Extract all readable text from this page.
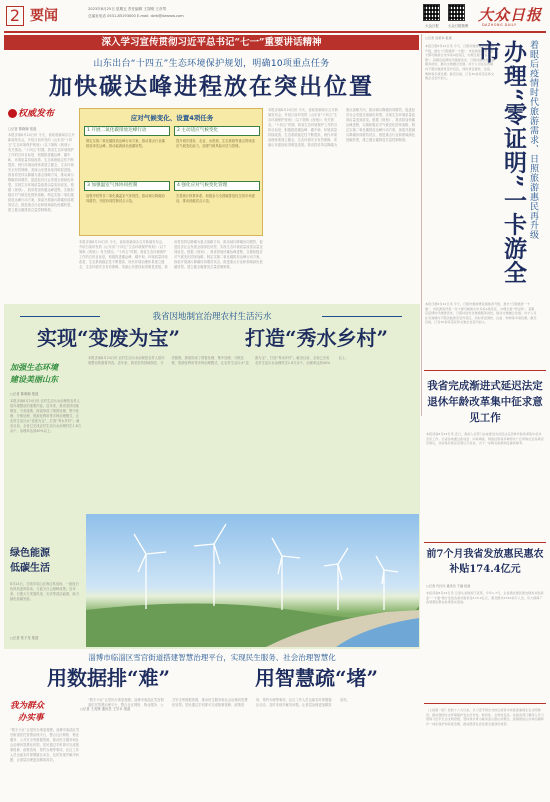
2 要闻	2023年8月25日 星期五 责任编辑 王智刚 王彦男
总编室电话 0531-85193000 E-mail: dzrb@dzwww.com
大众日报	大众日报微博
大众日报
DAZHONG DAILY
深入学习宣传贯彻习近平总书记“七一”重要讲话精神
山东出台“十四五”生态环境保护规划，明确10项重点任务
加快碳达峰进程放在突出位置
权威发布
□记者 陈晓婉 报道
本报济南8月24日讯 今天，省政府新闻办召开新闻发布会，介绍日前印发的《山东省“十四五”生态环境保护规划》（以下简称《规划》）有关情况。“十四五”时期，我省生态环境保护工作的总体目标是，积极推进碳达峰、碳中和，环境质量持续改善，生态系统稳定性不断提高，现代环境治理体系建立健全，生态环境安全有效保障，美丽山东建设取得明显进展。我省将坚持以降碳为重点战略方向，推动减污降碳协同增效，促进经济社会发展全面绿色转型，实现生态环境质量改善由量变到质变。根据《规划》，我省将加快碳达峰进程，实施积极应对气候变化国家战略，制定实施二氧化碳排放达峰行动方案，探索开展减污降碳协同增效试点，推进重点行业和领域绿色低碳转型，建立健全碳排放总量控制制度。
应对气候变化、设置4项任务
1 开展二氧化碳排放达峰行动
制定实施二氧化碳排放达峰行动方案，推动重点行业碳排放率先达峰，推动能源绿色低碳转型。
2 主动适应气候变化
提升城乡建设、农业、水资源、生态系统等重点领域适应气候变化能力，加强气候风险评估与管理。
3 加强温室气体协同控制
加强甲烷等非二氧化碳温室气体管控，推动减污降碳协同增效，开展协同控制试点示范。
4 强化应对气候变化管理
完善统计核算体系，积极参与全国碳排放权交易市场建设，推动低碳试点示范。
本报济南8月24日讯 今天，省政府新闻办召开新闻发布会，介绍日前印发的《山东省“十四五”生态环境保护规划》（以下简称《规划》）有关情况。“十四五”时期，我省生态环境保护工作的总体目标是，积极推进碳达峰、碳中和，环境质量持续改善，生态系统稳定性不断提高，现代环境治理体系建立健全，生态环境安全有效保障，美丽山东建设取得明显进展。我省将坚持以降碳为重点战略方向，推动减污降碳协同增效，促进经济社会发展全面绿色转型，实现生态环境质量改善由量变到质变。根据《规划》，我省将加快碳达峰进程，实施积极应对气候变化国家战略，制定实施二氧化碳排放达峰行动方案，探索开展减污降碳协同增效试点，推进重点行业和领域绿色低碳转型，建立健全碳排放总量控制制度。
本报济南8月24日讯 今天，省政府新闻办召开新闻发布会，介绍日前印发的《山东省“十四五”生态环境保护规划》（以下简称《规划》）有关情况。“十四五”时期，我省生态环境保护工作的总体目标是，积极推进碳达峰、碳中和，环境质量持续改善，生态系统稳定性不断提高，现代环境治理体系建立健全，生态环境安全有效保障，美丽山东建设取得明显进展。我省将坚持以降碳为重点战略方向，推动减污降碳协同增效，促进经济社会发展全面绿色转型，实现生态环境质量改善由量变到质变。根据《规划》，我省将加快碳达峰进程，实施积极应对气候变化国家战略，制定实施二氧化碳排放达峰行动方案，探索开展减污降碳协同增效试点，推进重点行业和领域绿色低碳转型，建立健全碳排放总量控制制度。
□记者 吴荣华 报道
本报日照8月24日讯 今天，日照市旅游惠民措施再升级，推出“日照旅游一卡通”，市民游客凭借一张卡即可畅游全市多家A级景区，办理全程“零证明”。着眼后疫情时代旅游需求，日照持续优化旅游服务供给，推动文旅融合发展。持卡人可在有效期内不限次数游览签约景区，同时享受餐饮、住宿、购物等多项优惠。截至目前，已有30余家景区和文旅企业签约加入。
本报日照8月24日讯 今天，日照市旅游惠民措施再升级，推出“日照旅游一卡通”，市民游客凭借一张卡即可畅游全市多家A级景区，办理全程“零证明”。着眼后疫情时代旅游需求，日照持续优化旅游服务供给，推动文旅融合发展。持卡人可在有效期内不限次数游览签约景区，同时享受餐饮、住宿、购物等多项优惠。截至目前，已有30余家景区和文旅企业签约加入。
着眼后疫情时代旅游需求、日照旅游惠民再升级
办理“零证明”一卡游全市
我省完成渐进式延迟法定退休年龄改革集中征求意见工作
本报济南8月24日讯 近日，我省人社部门完成渐进式延迟法定退休年龄改革集中征求意见工作。全省各地通过座谈会、问卷调查、网络征集等多种形式广泛听取社会各界意见建议，共收集有效意见建议万余条，为下一步相关政策制定提供参考。
前7个月我省发放惠民惠农补贴174.4亿元
□记者 代玲玲 通讯员 于越 报道
本报济南8月24日讯 记者从省财政厅获悉，今年1-7月，全省通过惠民惠农财政补贴资金“一卡通”累计发放各类补贴资金174.4亿元，惠及群众2700余万人次，有力保障了各项惠民惠农政策落实落地。
我省因地制宜治理农村生活污水
实现“变废为宝”	打造“秀水乡村”
加强生态环境
建设美丽山东
□记者 陈晓婉 报道
本报济南8月24日讯 农村生活污水治理是农村人居环境整治的重要内容。近年来，我省坚持因地制宜、分类施策，探索形成了纳管处理、集中处理、分散处理、资源化利用等多种治理模式，让农村生活污水“变废为宝”，打造“秀水乡村”。截至目前，全省已完成农村生活污水治理村庄1.8万余个，治理率达到40%以上。
本报济南8月24日讯 农村生活污水治理是农村人居环境整治的重要内容。近年来，我省坚持因地制宜、分类施策，探索形成了纳管处理、集中处理、分散处理、资源化利用等多种治理模式，让农村生活污水“变废为宝”，打造“秀水乡村”。截至目前，全省已完成农村生活污水治理村庄1.8万余个，治理率达到40%以上。
绿色能源
低碳生活
8月24日，日照市岚山区海边风电场，一座座白色风机迎风转动，与蓝天白云相映成景。近年来，日照大力发展风电、光伏等清洁能源，助力绿色低碳发展。
□记者 张子龙 报道
淄博市临淄区雪宫街道搭建智慧治理平台，实现民生服务、社会治理智慧化
用数据排“难”	用智慧疏“堵”
我为群众
办实事
□记者 王兆锋 通讯员 王学永 报道
“数字小区”让居民办事更便捷。淄博市临淄区雪宫街道依托智慧治理平台，整合社区网格、物业服务、公共安全等数据资源，推动民生服务和社会治理向智慧化转型。居民通过手机即可完成报事报修、政策咨询、预约办理等事项，社区工作人员也能实时掌握辖区动态，及时发现并解决问题，让基层治理更加精准高效。
“数字小区”让居民办事更便捷。淄博市临淄区雪宫街道依托智慧治理平台，整合社区网格、物业服务、公共安全等数据资源，推动民生服务和社会治理向智慧化转型。居民通过手机即可完成报事报修、政策咨询、预约办理等事项，社区工作人员也能实时掌握辖区动态，及时发现并解决问题，让基层治理更加精准高效。
（上接第一版）党的十八大以来，以习近平同志为核心的党中央高度重视生态文明建设，推动我国生态环境保护发生历史性、转折性、全局性变化。各级各部门要深入学习贯彻习近平生态文明思想，坚持绿水青山就是金山银山的理念，统筹推进山水林田湖草沙一体化保护和系统治理，推动经济社会发展全面绿色转型。
